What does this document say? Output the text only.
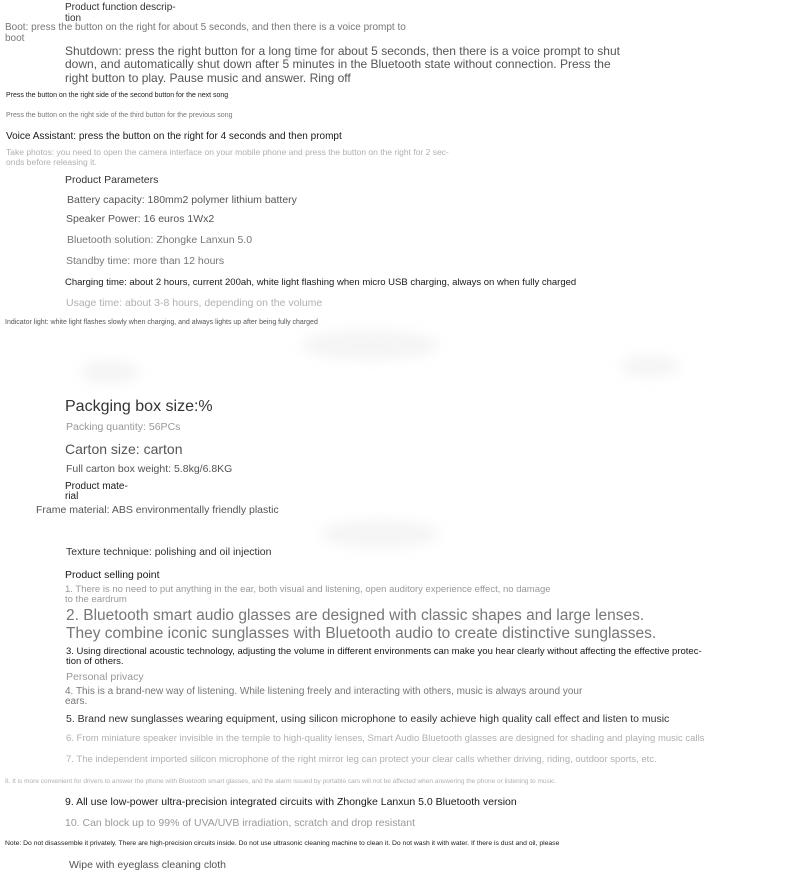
Product function descrip-
tion

Boot: press the button on the right for about 5 seconds, and then there is a voice prompt to
boot

Shutdown: press the right button for a long time for about 5 seconds, then there is a voice prompt to shut
down, and automatically shut down after 5 minutes in the Bluetooth state without connection. Press the
right button to play. Pause music and answer. Ring off

Press the button on the right side of the second button for the next song

Press the button on the right side of the third button for the previous song

Voice Assistant: press the button on the right for 4 seconds and then prompt

Take photos: you need to open the camera interface on your mobile phone and press the button on the right for 2 sec-
onds before releasing it.

Product Parameters

Battery capacity: 180mm2 polymer lithium battery

Speaker Power: 16 euros 1Wx2

Bluetooth solution: Zhongke Lanxun 5.0

Standby time: more than 12 hours

Charging time: about 2 hours, current 200ah, white light flashing when micro USB charging, always on when fully charged

Usage time: about 3-8 hours, depending on the volume

Indicator light: white light flashes slowly when charging, and always lights up after being fully charged

Packging box size:%

Packing quantity: 56PCs

Carton size: carton

Full carton box weight: 5.8kg/6.8KG

Product mate-
rial

Frame material: ABS environmentally friendly plastic

Texture technique: polishing and oil injection

Product selling point

1. There is no need to put anything in the ear, both visual and listening, open auditory experience effect, no damage
to the eardrum

2. Bluetooth smart audio glasses are designed with classic shapes and large lenses.
They combine iconic sunglasses with Bluetooth audio to create distinctive sunglasses.

3. Using directional acoustic technology, adjusting the volume in different environments can make you hear clearly without affecting the effective protec-
tion of others.

Personal privacy

4. This is a brand-new way of listening. While listening freely and interacting with others, music is always around your
ears.

5. Brand new sunglasses wearing equipment, using silicon microphone to easily achieve high quality call effect and listen to music

6. From miniature speaker invisible in the temple to high-quality lenses, Smart Audio Bluetooth glasses are designed for shading and playing music calls

7. The independent imported silicon microphone of the right mirror leg can protect your clear calls whether driving, riding, outdoor sports, etc.

8. It is more convenient for drivers to answer the phone with Bluetooth smart glasses, and the alarm issued by portable cars will not be affected when answering the phone or listening to music.

9. All use low-power ultra-precision integrated circuits with Zhongke Lanxun 5.0 Bluetooth version

10. Can block up to 99% of UVA/UVB irradiation, scratch and drop resistant

Note: Do not disassemble it privately. There are high-precision circuits inside. Do not use ultrasonic cleaning machine to clean it. Do not wash it with water. If there is dust and oil, please

Wipe with eyeglass cleaning cloth
